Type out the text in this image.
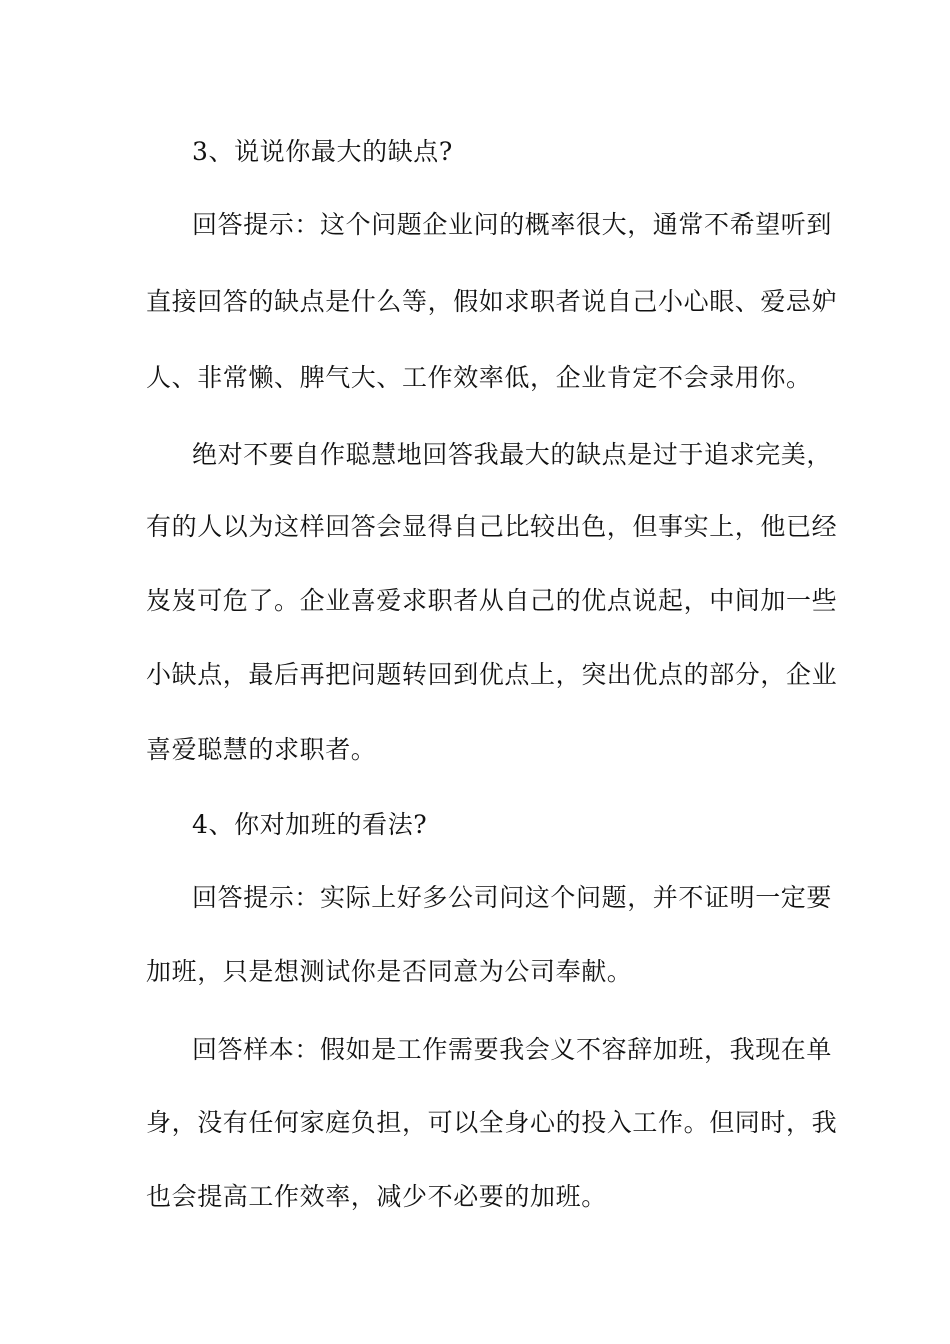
3、说说你最大的缺点?
回答提示：这个问题企业问的概率很大，通常不希望听到
直接回答的缺点是什么等，假如求职者说自己小心眼、爱忌妒
人、非常懒、脾气大、工作效率低，企业肯定不会录用你。
绝对不要自作聪慧地回答我最大的缺点是过于追求完美，
有的人以为这样回答会显得自己比较出色，但事实上，他已经
岌岌可危了。企业喜爱求职者从自己的优点说起，中间加一些
小缺点，最后再把问题转回到优点上，突出优点的部分，企业
喜爱聪慧的求职者。
4、你对加班的看法?
回答提示：实际上好多公司问这个问题，并不证明一定要
加班，只是想测试你是否同意为公司奉献。
回答样本：假如是工作需要我会义不容辞加班，我现在单
身，没有任何家庭负担，可以全身心的投入工作。但同时，我
也会提高工作效率，减少不必要的加班。
